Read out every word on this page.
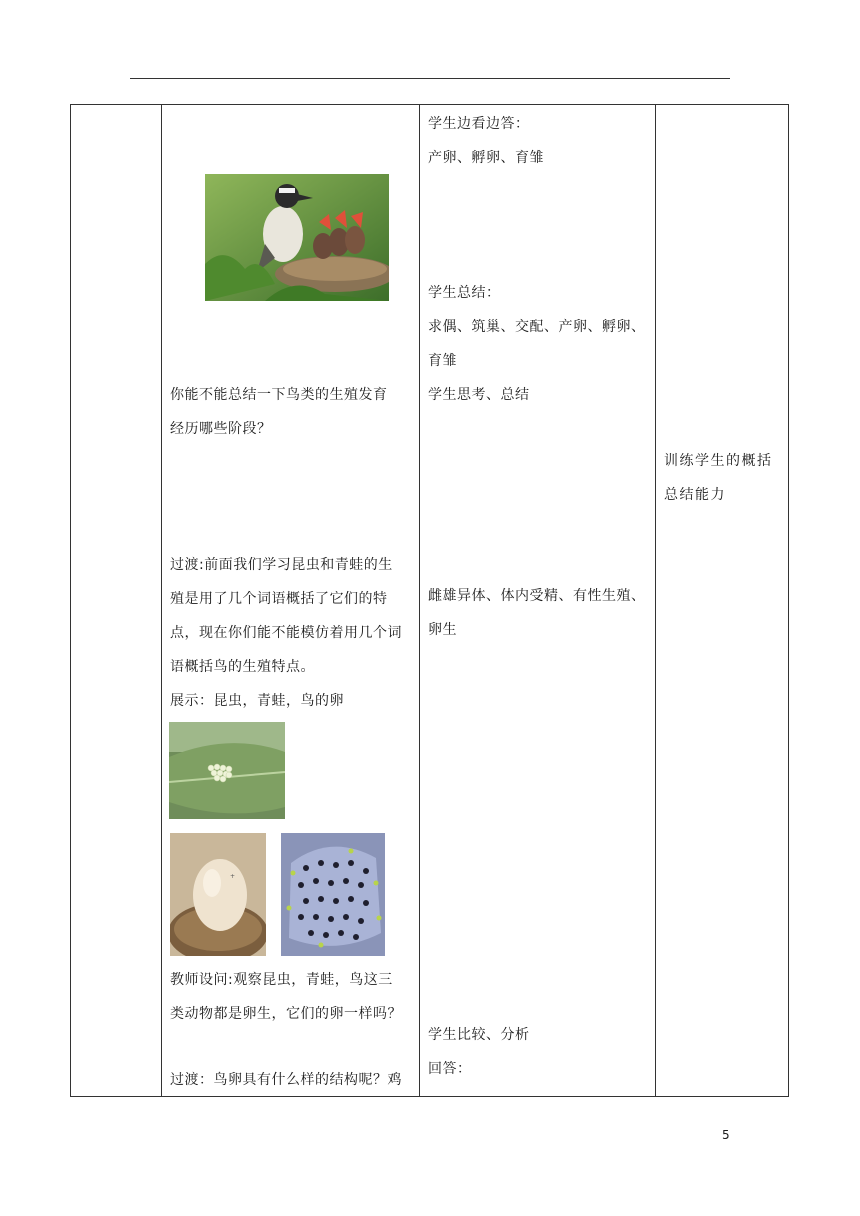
你能不能总结一下鸟类的生殖发育
经历哪些阶段？
过渡:前面我们学习昆虫和青蛙的生
殖是用了几个词语概括了它们的特
点，现在你们能不能模仿着用几个词
语概括鸟的生殖特点。
展示：昆虫，青蛙，鸟的卵
+
教师设问:观察昆虫，青蛙，鸟这三
类动物都是卵生，它们的卵一样吗？
过渡：鸟卵具有什么样的结构呢？鸡
学生边看边答：
产卵、孵卵、育雏
学生总结：
求偶、筑巢、交配、产卵、孵卵、
育雏
学生思考、总结
雌雄异体、体内受精、有性生殖、
卵生
学生比较、分析
回答：
训练学生的概括
总结能力
5
